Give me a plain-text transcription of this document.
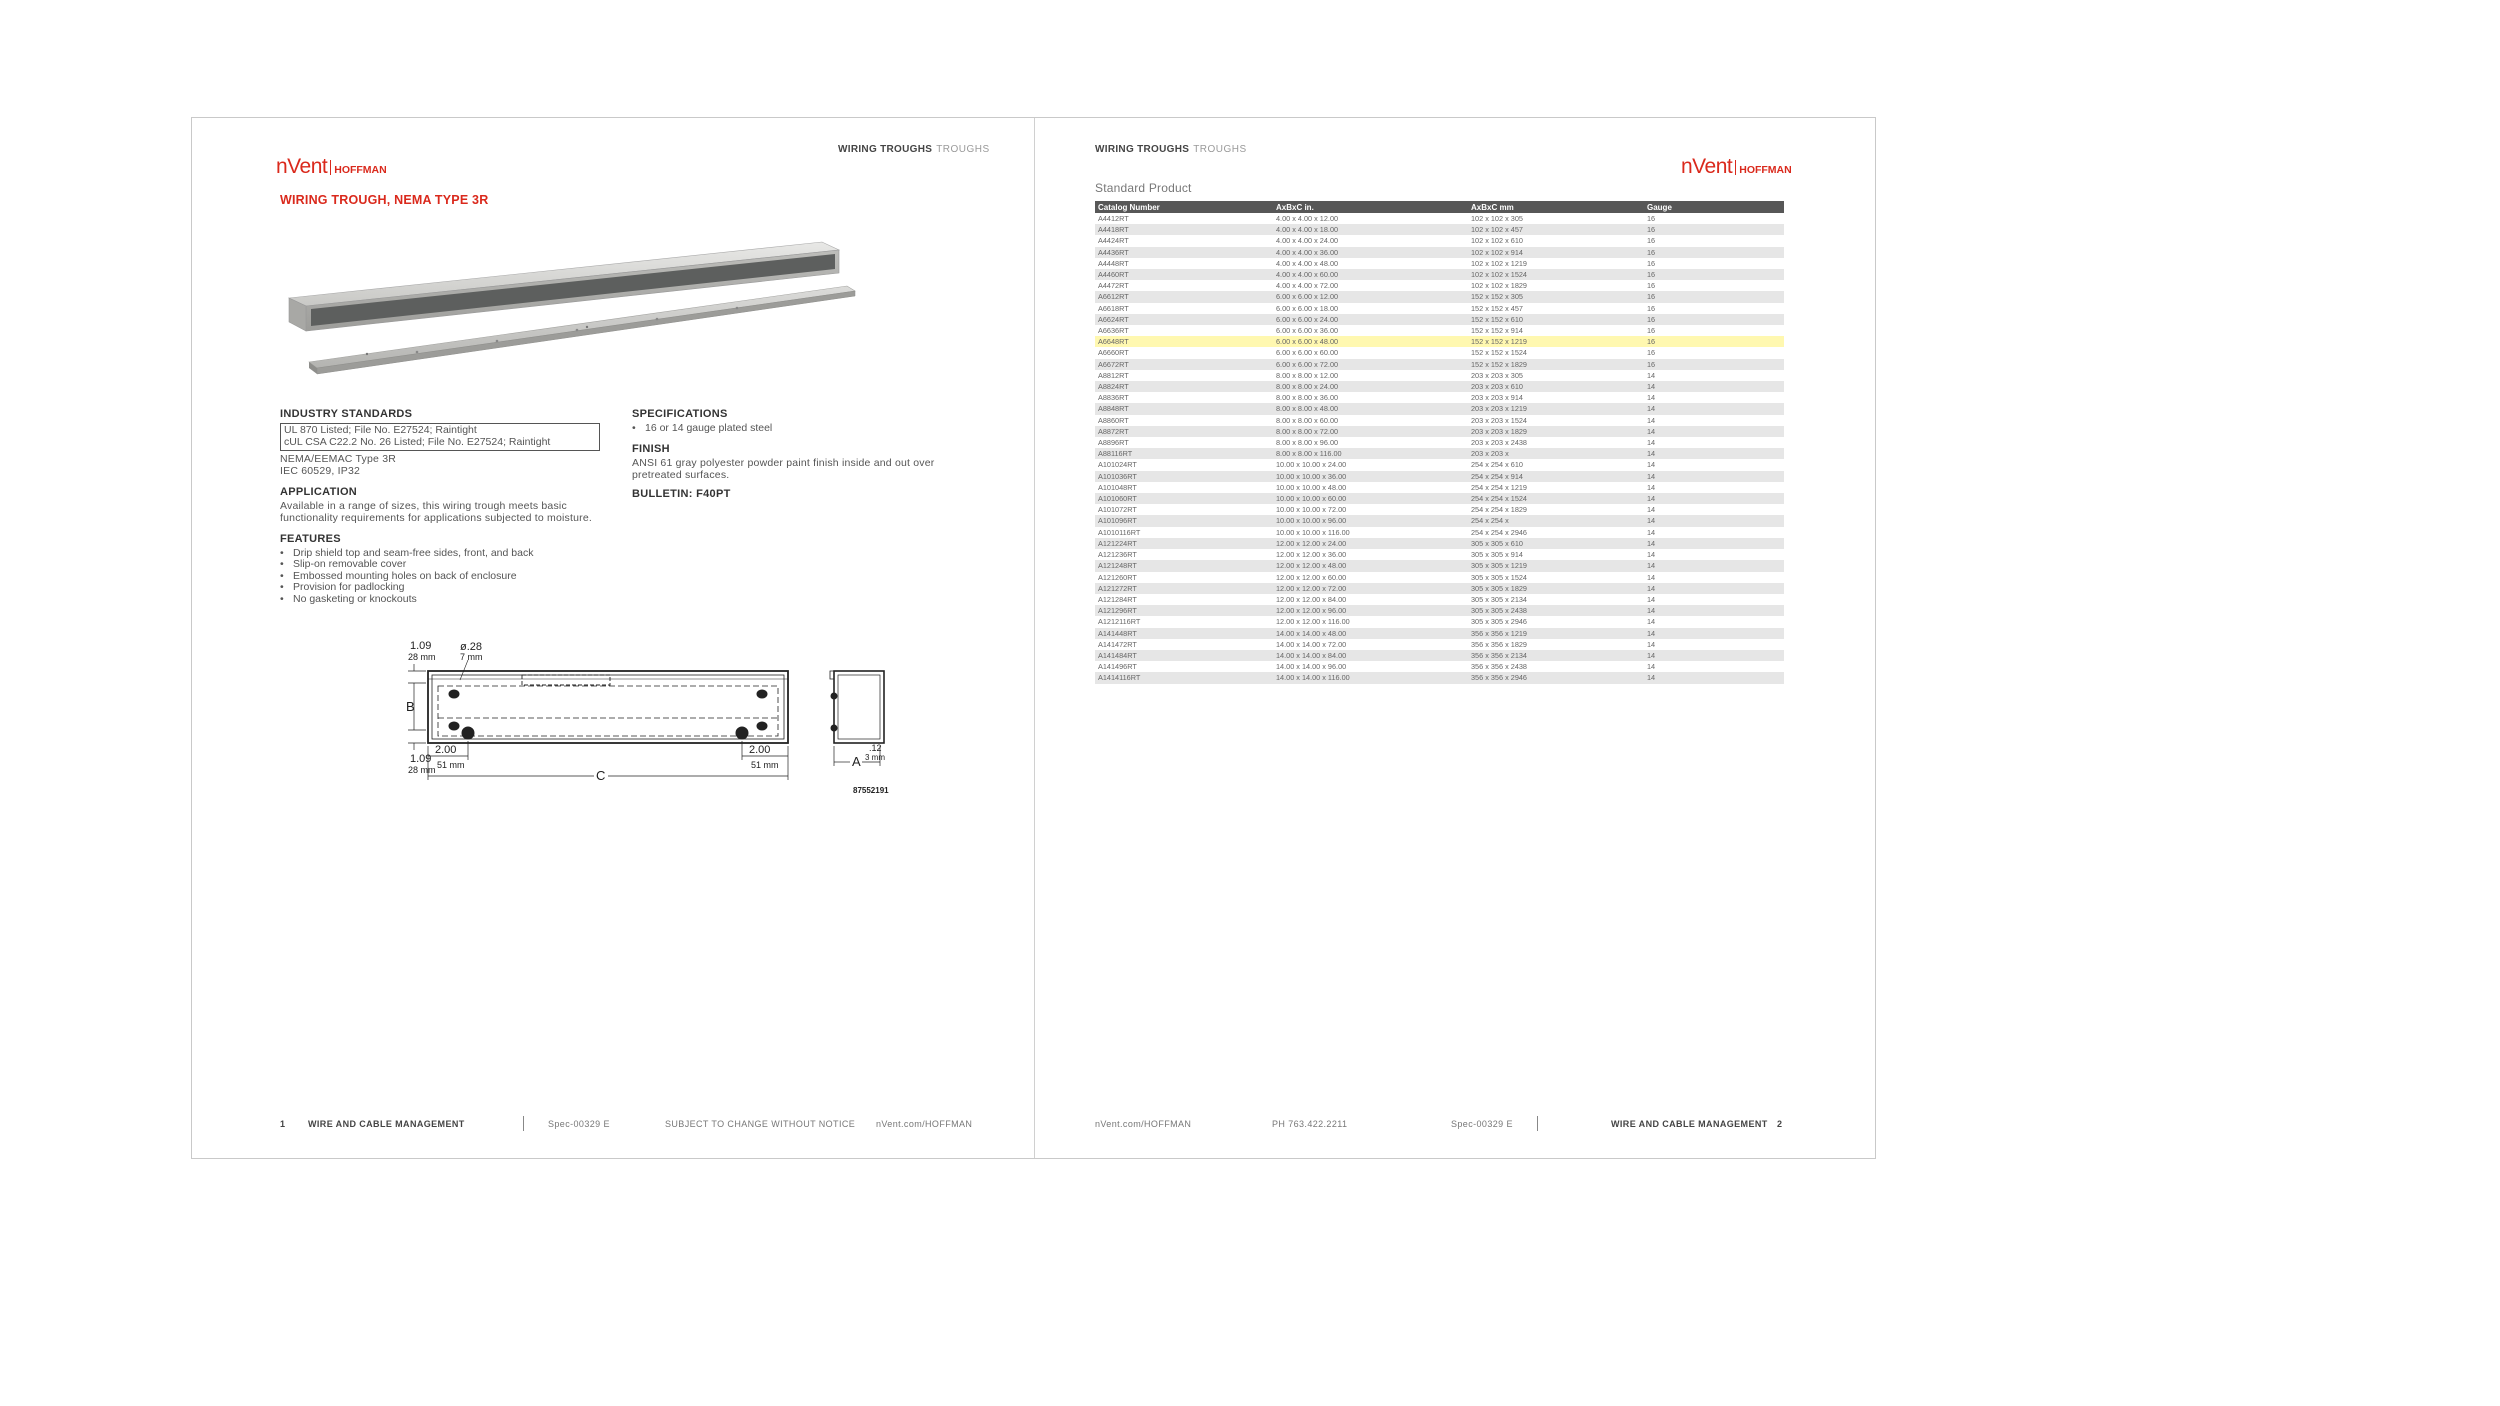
nVent HOFFMAN
WIRING TROUGHS TROUGHS
WIRING TROUGH, NEMA TYPE 3R
INDUSTRY STANDARDS
UL 870 Listed; File No. E27524; Raintight
cUL CSA C22.2 No. 26 Listed; File No. E27524; Raintight
NEMA/EEMAC Type 3R
IEC 60529, IP32
APPLICATION
Available in a range of sizes, this wiring trough meets basic functionality requirements for applications subjected to moisture.
FEATURES
• Drip shield top and seam-free sides, front, and back
• Slip-on removable cover
• Embossed mounting holes on back of enclosure
• Provision for padlocking
• No gasketing or knockouts
SPECIFICATIONS
• 16 or 14 gauge plated steel
FINISH
ANSI 61 gray polyester powder paint finish inside and out over pretreated surfaces.
BULLETIN: F40PT
1.09
28 mm
ø.28
7 mm
B
1.09
28 mm
2.00
51 mm
2.00
51 mm
C
A
.12
3 mm
87552191
1	WIRE AND CABLE MANAGEMENT	Spec-00329 E	SUBJECT TO CHANGE WITHOUT NOTICE nVent.com/HOFFMAN
WIRING TROUGHS TROUGHS
nVent HOFFMAN
Standard Product
Catalog Number	AxBxC in.	AxBxC mm	Gauge
A4412RT	4.00 x 4.00 x 12.00	102 x 102 x 305	16
A4418RT	4.00 x 4.00 x 18.00	102 x 102 x 457	16
A4424RT	4.00 x 4.00 x 24.00	102 x 102 x 610	16
A4436RT	4.00 x 4.00 x 36.00	102 x 102 x 914	16
A4448RT	4.00 x 4.00 x 48.00	102 x 102 x 1219	16
A4460RT	4.00 x 4.00 x 60.00	102 x 102 x 1524	16
A4472RT	4.00 x 4.00 x 72.00	102 x 102 x 1829	16
A6612RT	6.00 x 6.00 x 12.00	152 x 152 x 305	16
A6618RT	6.00 x 6.00 x 18.00	152 x 152 x 457	16
A6624RT	6.00 x 6.00 x 24.00	152 x 152 x 610	16
A6636RT	6.00 x 6.00 x 36.00	152 x 152 x 914	16
A6648RT	6.00 x 6.00 x 48.00	152 x 152 x 1219	16
A6660RT	6.00 x 6.00 x 60.00	152 x 152 x 1524	16
A6672RT	6.00 x 6.00 x 72.00	152 x 152 x 1829	16
A8812RT	8.00 x 8.00 x 12.00	203 x 203 x 305	14
A8824RT	8.00 x 8.00 x 24.00	203 x 203 x 610	14
A8836RT	8.00 x 8.00 x 36.00	203 x 203 x 914	14
A8848RT	8.00 x 8.00 x 48.00	203 x 203 x 1219	14
A8860RT	8.00 x 8.00 x 60.00	203 x 203 x 1524	14
A8872RT	8.00 x 8.00 x 72.00	203 x 203 x 1829	14
A8896RT	8.00 x 8.00 x 96.00	203 x 203 x 2438	14
A88116RT	8.00 x 8.00 x 116.00	203 x 203 x	14
A101024RT	10.00 x 10.00 x 24.00	254 x 254 x 610	14
A101036RT	10.00 x 10.00 x 36.00	254 x 254 x 914	14
A101048RT	10.00 x 10.00 x 48.00	254 x 254 x 1219	14
A101060RT	10.00 x 10.00 x 60.00	254 x 254 x 1524	14
A101072RT	10.00 x 10.00 x 72.00	254 x 254 x 1829	14
A101096RT	10.00 x 10.00 x 96.00	254 x 254 x	14
A1010116RT	10.00 x 10.00 x 116.00	254 x 254 x 2946	14
A121224RT	12.00 x 12.00 x 24.00	305 x 305 x 610	14
A121236RT	12.00 x 12.00 x 36.00	305 x 305 x 914	14
A121248RT	12.00 x 12.00 x 48.00	305 x 305 x 1219	14
A121260RT	12.00 x 12.00 x 60.00	305 x 305 x 1524	14
A121272RT	12.00 x 12.00 x 72.00	305 x 305 x 1829	14
A121284RT	12.00 x 12.00 x 84.00	305 x 305 x 2134	14
A121296RT	12.00 x 12.00 x 96.00	305 x 305 x 2438	14
A1212116RT	12.00 x 12.00 x 116.00	305 x 305 x 2946	14
A141448RT	14.00 x 14.00 x 48.00	356 x 356 x 1219	14
A141472RT	14.00 x 14.00 x 72.00	356 x 356 x 1829	14
A141484RT	14.00 x 14.00 x 84.00	356 x 356 x 2134	14
A141496RT	14.00 x 14.00 x 96.00	356 x 356 x 2438	14
A1414116RT	14.00 x 14.00 x 116.00	356 x 356 x 2946	14
nVent.com/HOFFMAN	PH 763.422.2211	Spec-00329 E	WIRE AND CABLE MANAGEMENT 2
